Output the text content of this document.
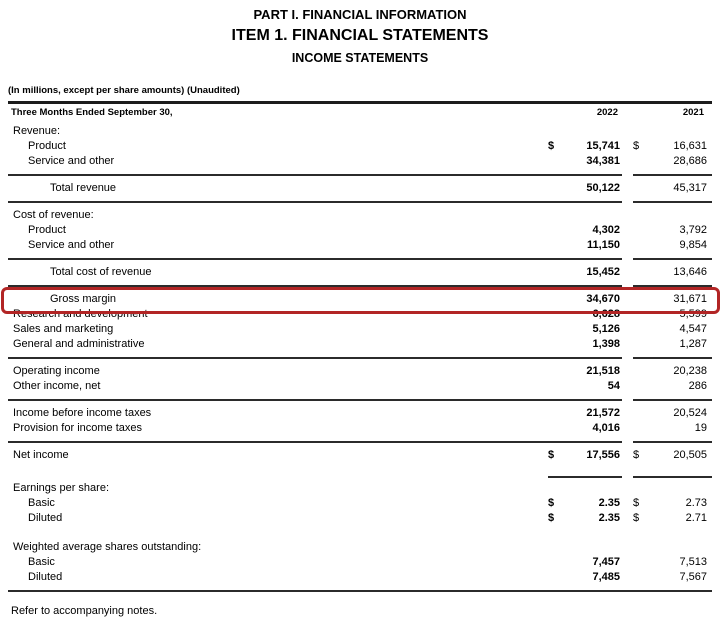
PART I. FINANCIAL INFORMATION
ITEM 1. FINANCIAL STATEMENTS
INCOME STATEMENTS
(In millions, except per share amounts) (Unaudited)
Three Months Ended September 30,	2022	2021
Revenue:
Product	$	15,741 $	16,631
Service and other	34,381	28,686
Total revenue	50,122	45,317
Cost of revenue:
Product	4,302	3,792
Service and other	11,150	9,854
Total cost of revenue	15,452	13,646
Gross margin	34,670	31,671
Research and development	6,628	5,599
Sales and marketing	5,126	4,547
General and administrative	1,398	1,287
Operating income	21,518	20,238
Other income, net	54	286
Income before income taxes	21,572	20,524
Provision for income taxes	4,016	19
Net income	$	17,556 $	20,505
Earnings per share:
Basic	$	2.35 $	2.73
Diluted	$	2.35 $	2.71
Weighted average shares outstanding:
Basic	7,457	7,513
Diluted	7,485	7,567
Refer to accompanying notes.
